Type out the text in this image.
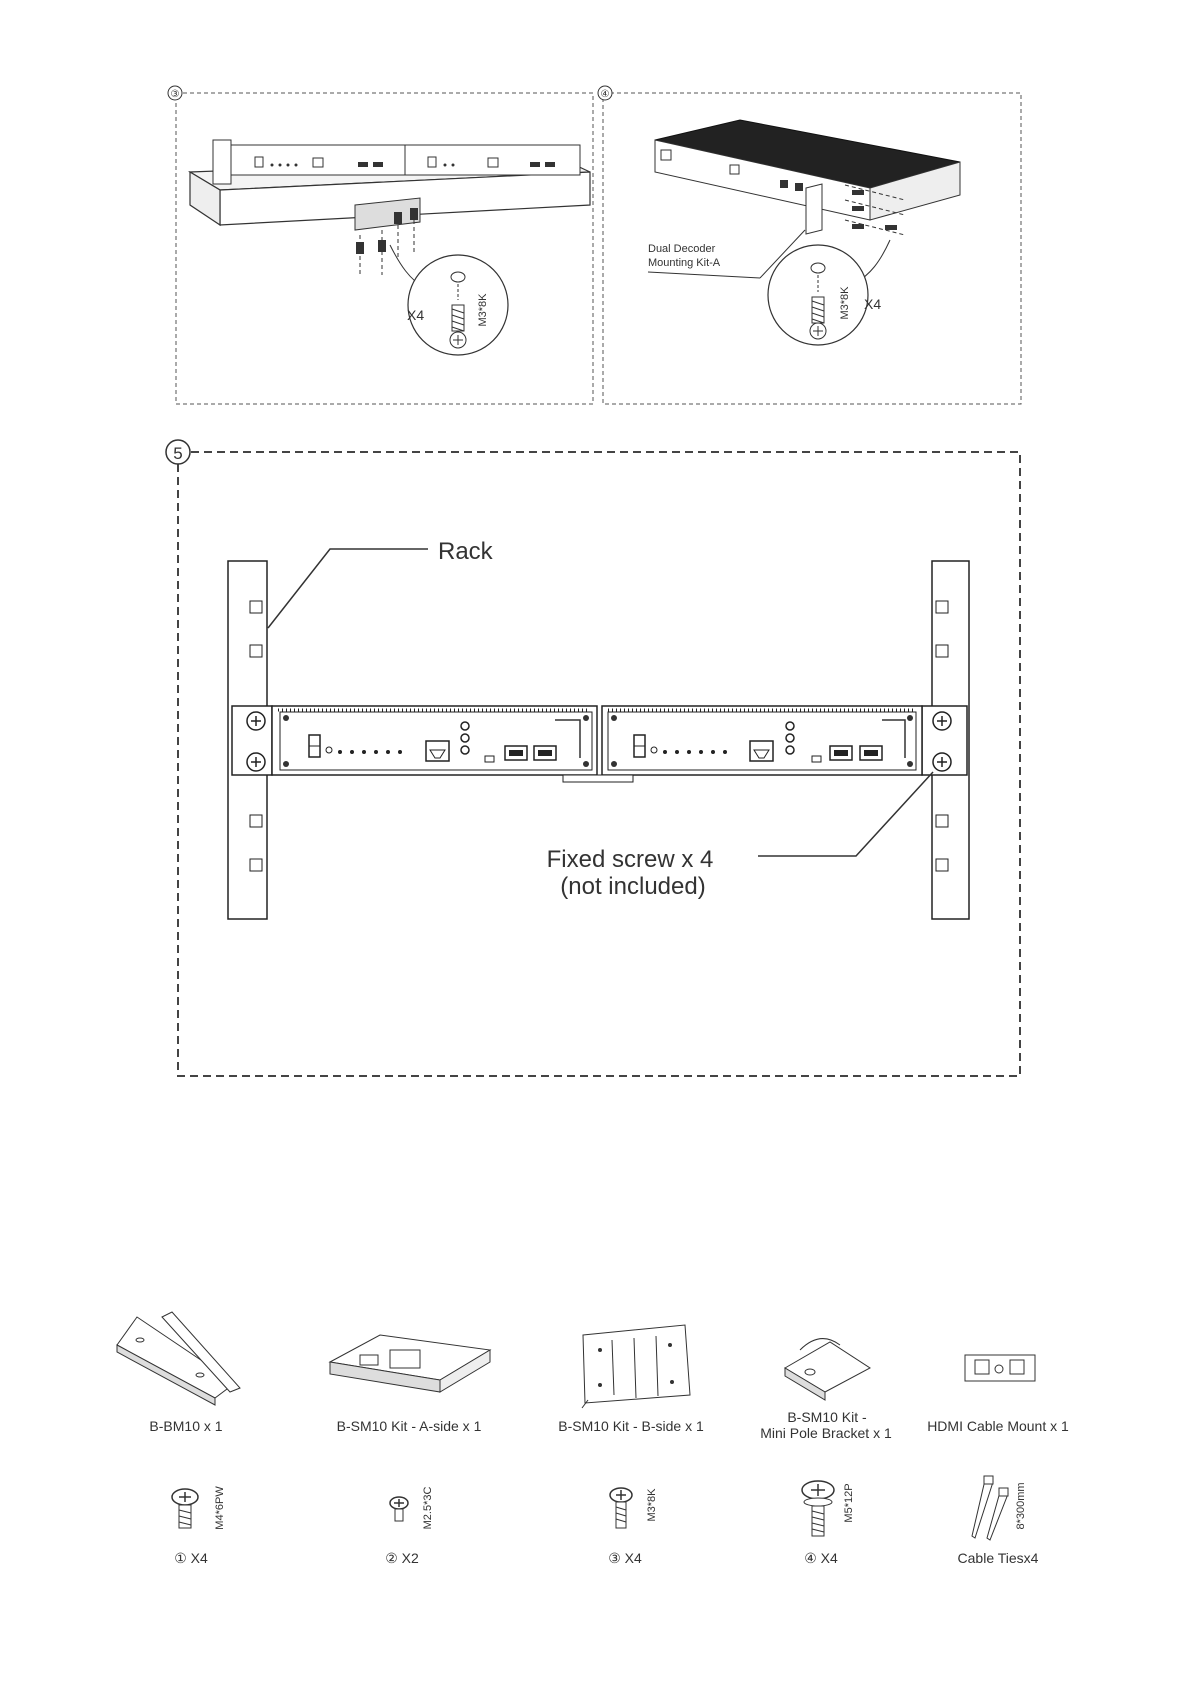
③
M3*8K
X4
④
Dual Decoder
Mounting Kit-A
M3*8K X4
5
Rack
Fixed screw x 4
(not included)
B-BM10 x 1	B-SM10 Kit - A-side x 1	B-SM10 Kit - B-side x 1
B-SM10 Kit -
Mini Pole Bracket x 1	HDMI Cable Mount x 1
M4*6PW
① X4
M2.5*3C
② X2
M3*8K
③ X4
M5*12P
④ X4
8*300mm
Cable Tiesx4
